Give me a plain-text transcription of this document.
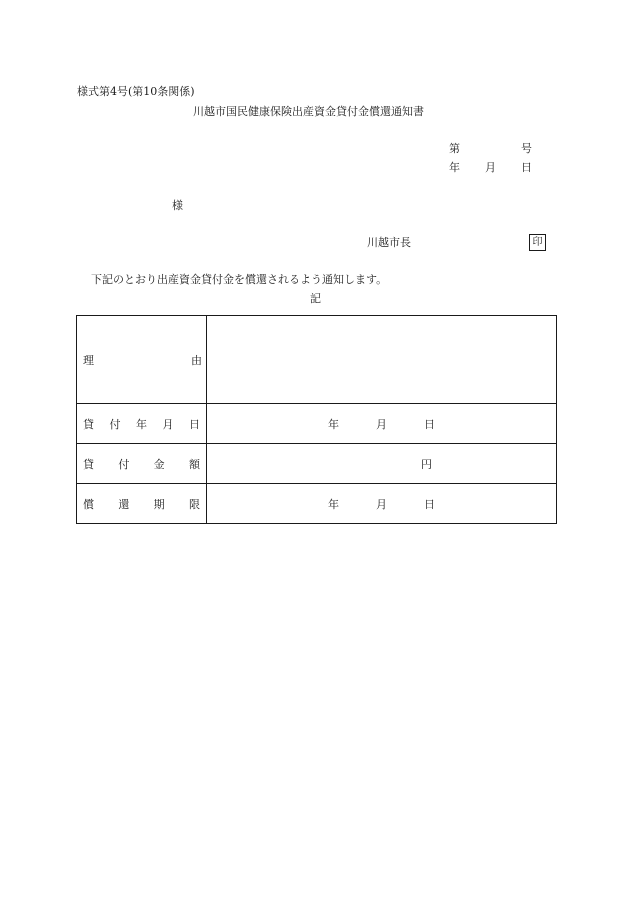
様式第4号(第10条関係)
川越市国民健康保険出産資金貸付金償還通知書
第	号
年 月 日
様
川越市長	印
下記のとおり出産資金貸付金を償還されるよう通知します。
記
理 由	

貸 付 年 月 日	年 月 日

貸 付 金 額	円

償 還 期 限	年 月 日
